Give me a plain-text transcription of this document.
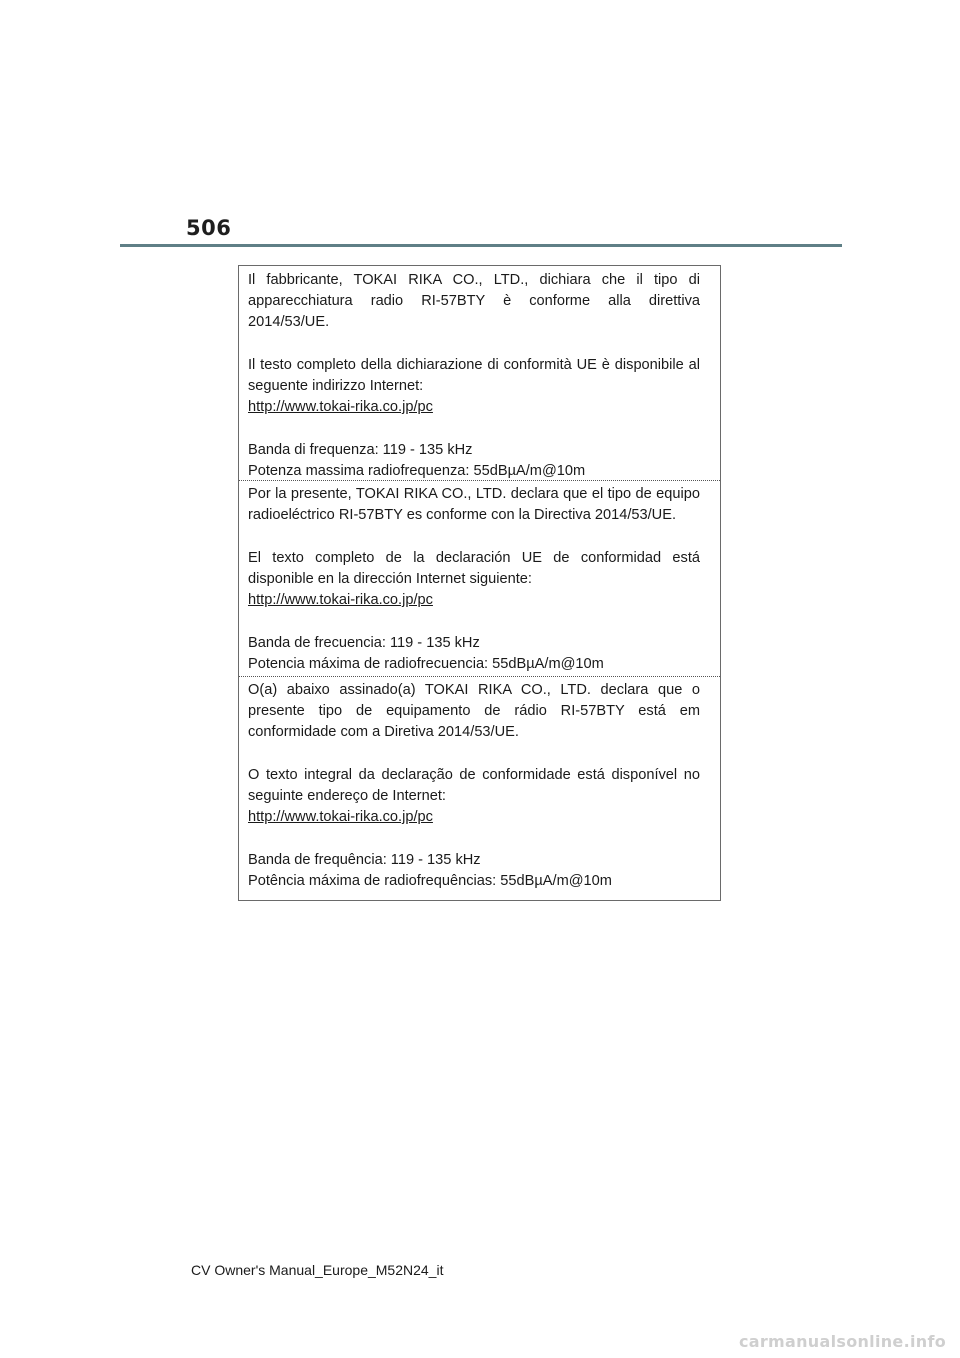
506

Il fabbricante, TOKAI RIKA CO., LTD., dichiara che il tipo di apparecchiatura radio RI-57BTY è conforme alla direttiva 2014/53/UE.

Il testo completo della dichiarazione di conformità UE è disponibile al seguente indirizzo Internet:

http://www.tokai-rika.co.jp/pc

Banda di frequenza: 119 - 135 kHz

Potenza massima radiofrequenza: 55dBµA/m@10m

Por la presente, TOKAI RIKA CO., LTD. declara que el tipo de equipo radioeléctrico RI-57BTY es conforme con la Directiva 2014/53/UE.

El texto completo de la declaración UE de conformidad está disponible en la dirección Internet siguiente:

http://www.tokai-rika.co.jp/pc

Banda de frecuencia: 119 - 135 kHz

Potencia máxima de radiofrecuencia: 55dBµA/m@10m

O(a) abaixo assinado(a) TOKAI RIKA CO., LTD. declara que o presente tipo de equipamento de rádio RI-57BTY está em conformidade com a Diretiva 2014/53/UE.

O texto integral da declaração de conformidade está disponível no seguinte endereço de Internet:

http://www.tokai-rika.co.jp/pc

Banda de frequência: 119 - 135 kHz

Potência máxima de radiofrequências: 55dBµA/m@10m

CV Owner's Manual_Europe_M52N24_it
carmanualsonline.info
